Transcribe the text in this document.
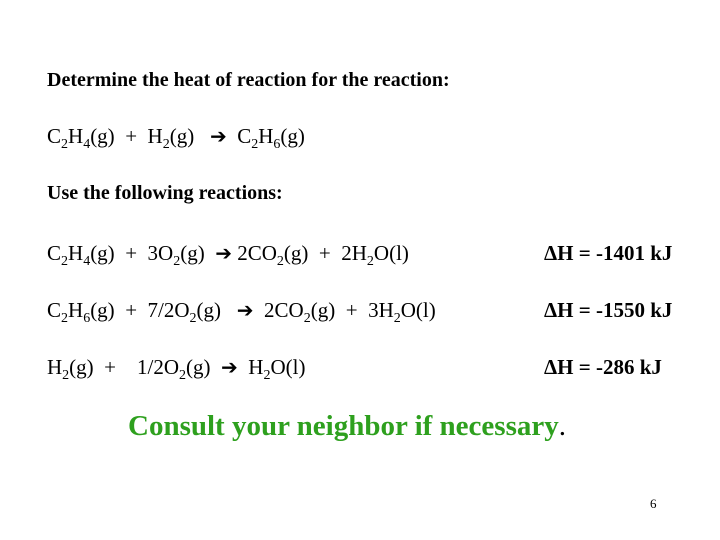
Determine the heat of reaction for the reaction:
$C_2H_4(g) + H_2(g)$ ➔ $C_2H_6(g)$
Use the following reactions:
$C_2H_4(g) + 3O_2(g)$ ➔ $2CO_2(g) + 2H_2O(l)$	ΔH = -1401 kJ
$C_2H_6(g) + 7/2O_2(g)$ ➔ $2CO_2(g) + 3H_2O(l)$	ΔH = -1550 kJ
$H_2(g) + 1/2O_2(g)$ ➔ $H_2O(l)$	ΔH = -286 kJ
Consult your neighbor if necessary.
6
